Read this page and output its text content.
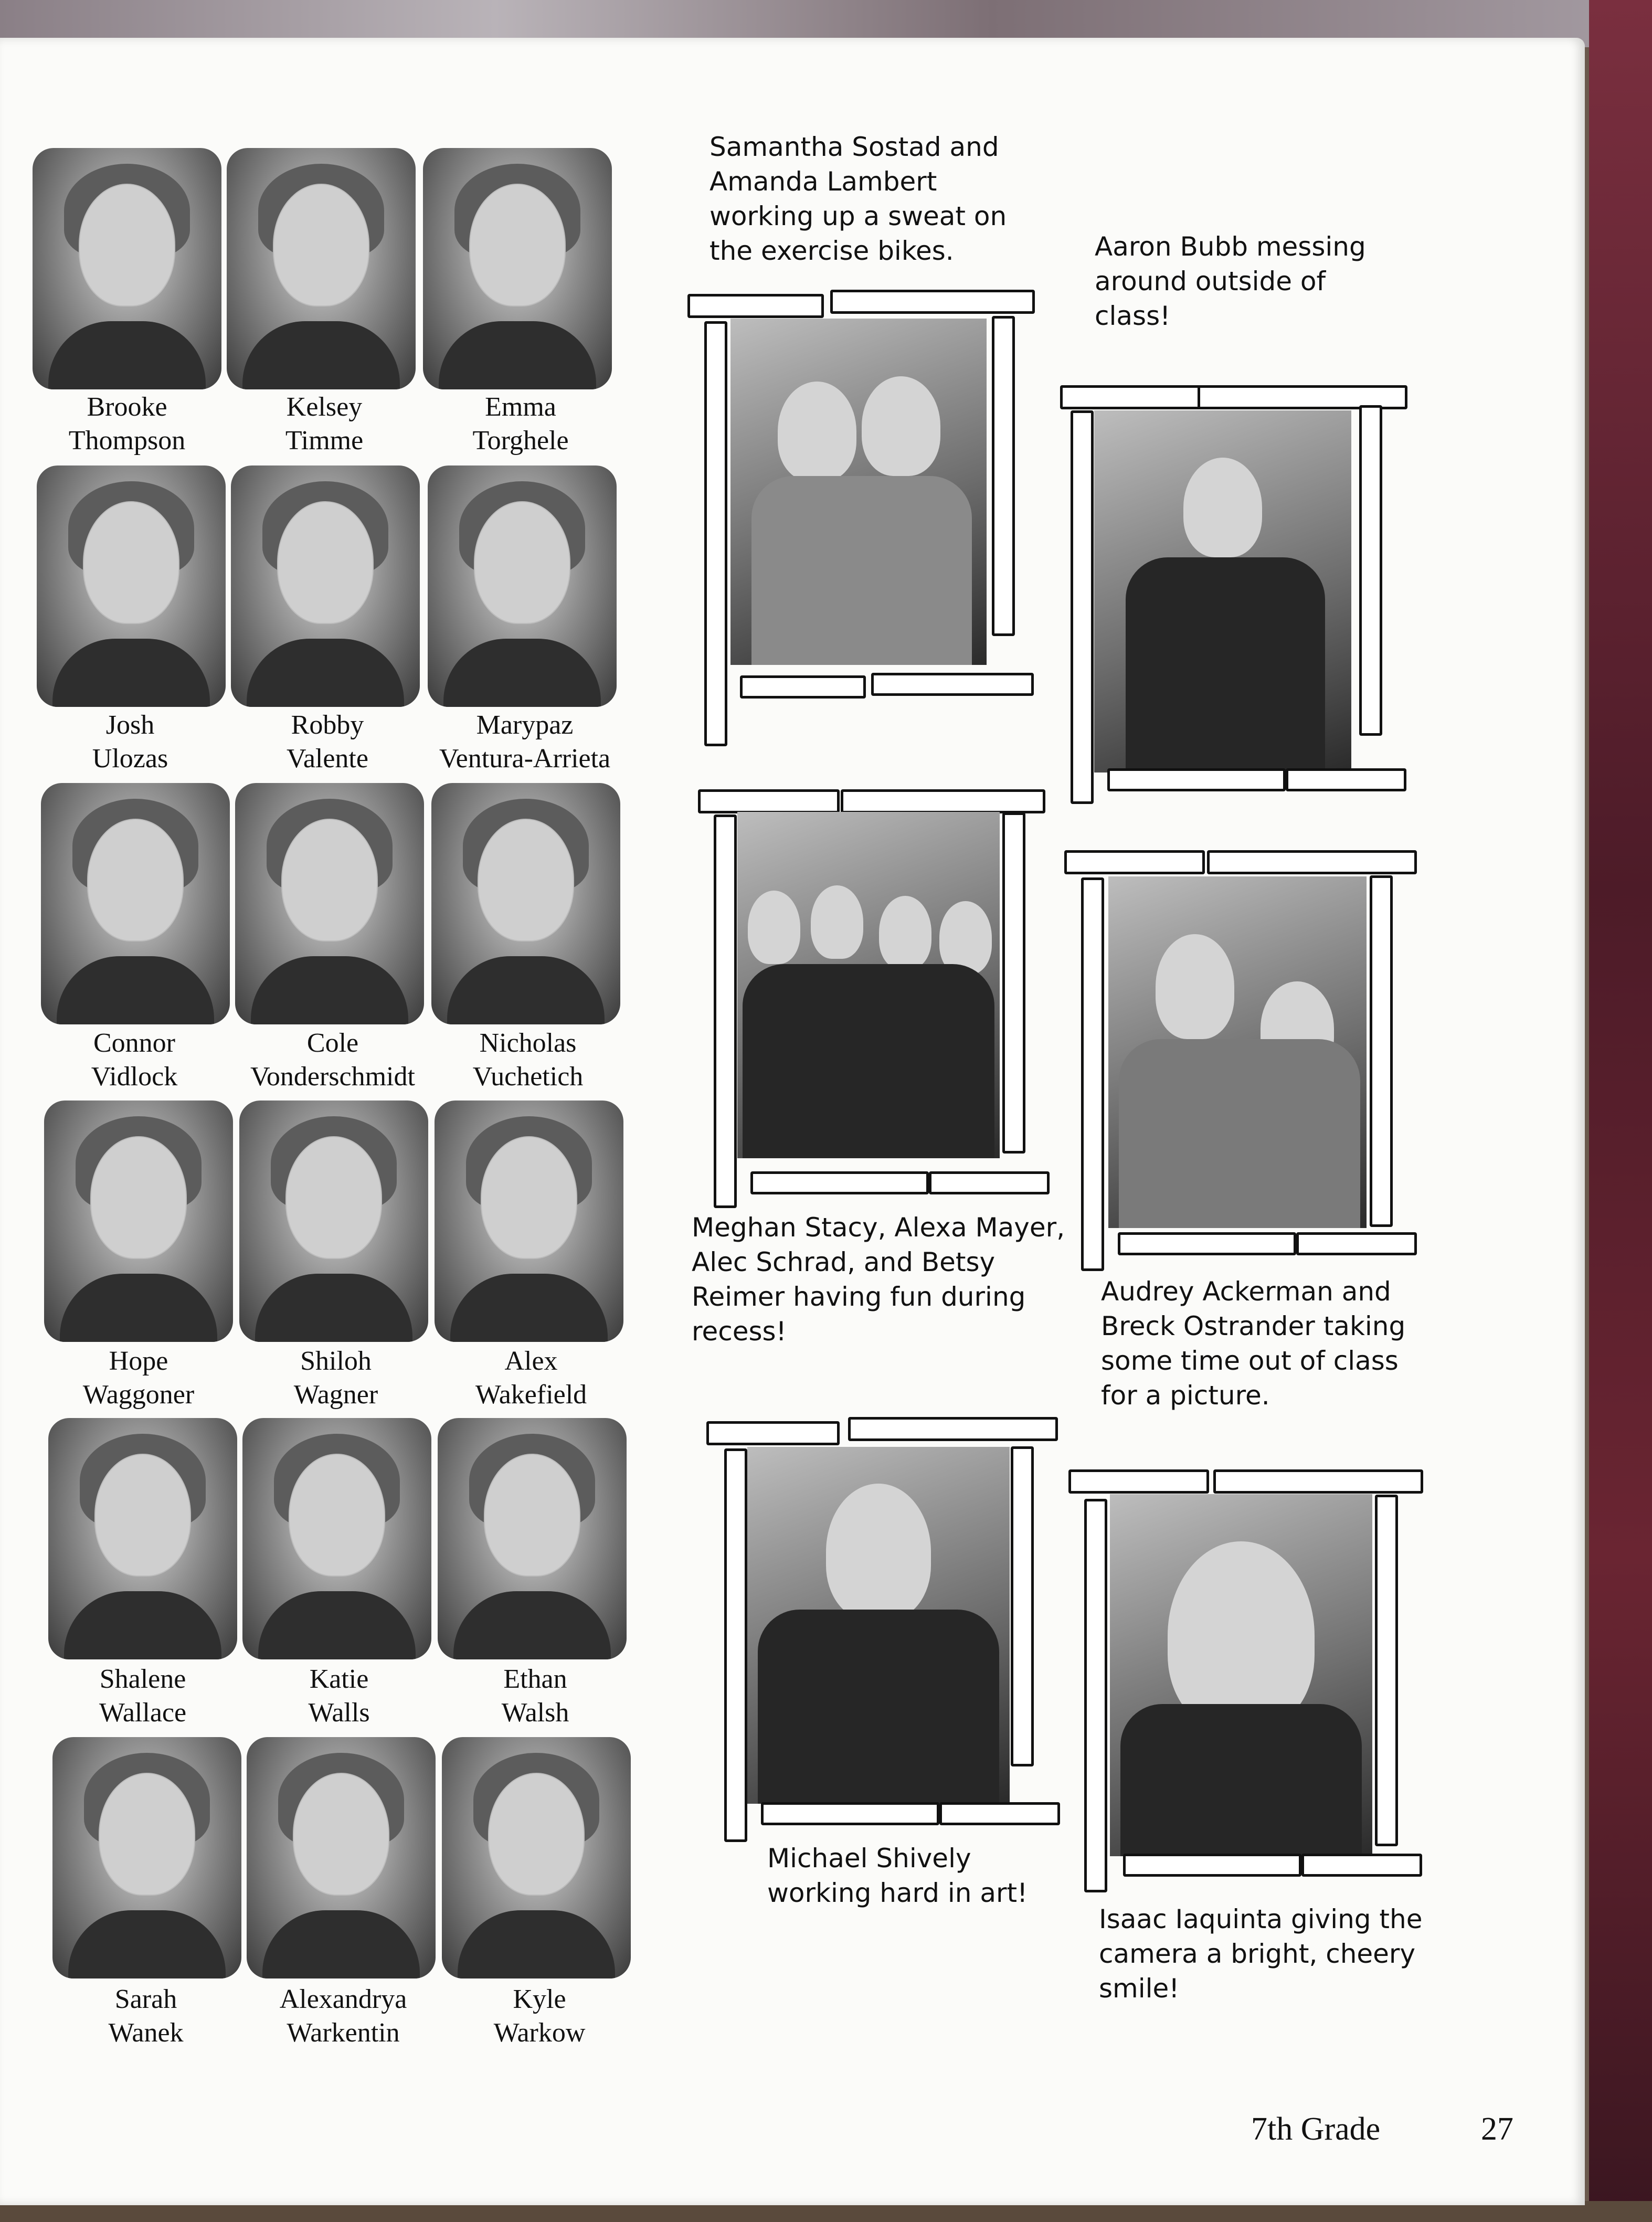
Brooke
Thompson
Kelsey
Timme
Emma
Torghele
Josh
Ulozas
Robby
Valente
Marypaz
Ventura-Arrieta
Connor
Vidlock
Cole
Vonderschmidt
Nicholas
Vuchetich
Hope
Waggoner
Shiloh
Wagner
Alex
Wakefield
Shalene
Wallace
Katie
Walls
Ethan
Walsh
Sarah
Wanek
Alexandrya
Warkentin
Kyle
Warkow
Samantha Sostad and
Amanda Lambert
working up a sweat on
the exercise bikes.	Aaron Bubb messing
around outside of
class!
Meghan Stacy, Alexa Mayer,
Alec Schrad, and Betsy
Reimer having fun during
recess!
Audrey Ackerman and
Breck Ostrander taking
some time out of class
for a picture.
Michael Shively
working hard in art!
Isaac Iaquinta giving the
camera a bright, cheery
smile!
7th Grade	27
